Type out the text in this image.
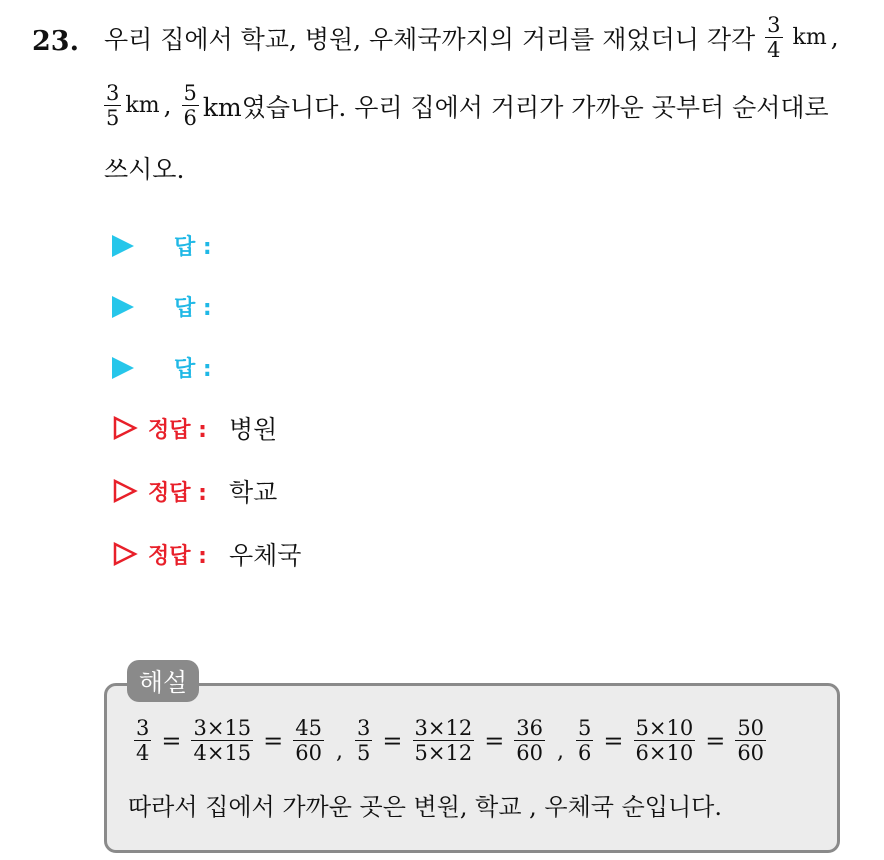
23. 우리 집에서 학교, 병원, 우체국까지의 거리를 재었더니 각각 $\frac{3}{4}$ km ,
$\frac{3}{5}$ km , $\frac{5}{6}$ km였습니다. 우리 집에서 거리가 가까운 곳부터 순서대로
쓰시오.
답 :
답 :
답 :
정답 : 병원
정답 : 학교
정답 : 우체국
해설
$\frac{3}{4} = \frac{3\times 15}{4\times 15} = \frac{45}{60}$ , $\frac{3}{5} = \frac{3\times 12}{5\times 12} = \frac{36}{60}$ , $\frac{5}{6} = \frac{5\times 10}{6\times 10} = \frac{50}{60}$
따라서 집에서 가까운 곳은 변원, 학교 , 우체국 순입니다.
